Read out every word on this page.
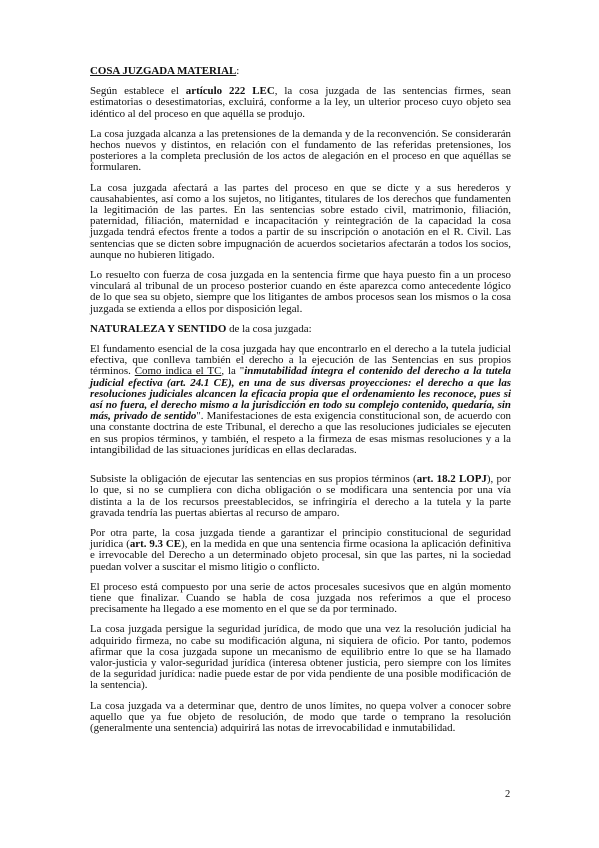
COSA JUZGADA MATERIAL:

Según establece el artículo 222 LEC, la cosa juzgada de las sentencias firmes, sean estimatorias o desestimatorias, excluirá, conforme a la ley, un ulterior proceso cuyo objeto sea idéntico al del proceso en que aquélla se produjo.

La cosa juzgada alcanza a las pretensiones de la demanda y de la reconvención. Se considerarán hechos nuevos y distintos, en relación con el fundamento de las referidas pretensiones, los posteriores a la completa preclusión de los actos de alegación en el proceso en que aquéllas se formularen.

La cosa juzgada afectará a las partes del proceso en que se dicte y a sus herederos y causahabientes, así como a los sujetos, no litigantes, titulares de los derechos que fundamenten la legitimación de las partes. En las sentencias sobre estado civil, matrimonio, filiación, paternidad, filiación, maternidad e incapacitación y reintegración de la capacidad la cosa juzgada tendrá efectos frente a todos a partir de su inscripción o anotación en el R. Civil. Las sentencias que se dicten sobre impugnación de acuerdos societarios afectarán a todos los socios, aunque no hubieren litigado.

Lo resuelto con fuerza de cosa juzgada en la sentencia firme que haya puesto fin a un proceso vinculará al tribunal de un proceso posterior cuando en éste aparezca como antecedente lógico de lo que sea su objeto, siempre que los litigantes de ambos procesos sean los mismos o la cosa juzgada se extienda a ellos por disposición legal.

NATURALEZA Y SENTIDO de la cosa juzgada:

El fundamento esencial de la cosa juzgada hay que encontrarlo en el derecho a la tutela judicial efectiva, que conlleva también el derecho a la ejecución de las Sentencias en sus propios términos. Como indica el TC, la "inmutabilidad íntegra el contenido del derecho a la tutela judicial efectiva (art. 24.1 CE), en una de sus diversas proyecciones: el derecho a que las resoluciones judiciales alcancen la eficacia propia que el ordenamiento les reconoce, pues si así no fuera, el derecho mismo a la jurisdicción en todo su complejo contenido, quedaría, sin más, privado de sentido". Manifestaciones de esta exigencia constitucional son, de acuerdo con una constante doctrina de este Tribunal, el derecho a que las resoluciones judiciales se ejecuten en sus propios términos, y también, el respeto a la firmeza de esas mismas resoluciones y a la intangibilidad de las situaciones jurídicas en ellas declaradas.

Subsiste la obligación de ejecutar las sentencias en sus propios términos (art. 18.2 LOPJ), por lo que, si no se cumpliera con dicha obligación o se modificara una sentencia por una vía distinta a la de los recursos preestablecidos, se infringiría el derecho a la tutela y la parte gravada tendría las puertas abiertas al recurso de amparo.

Por otra parte, la cosa juzgada tiende a garantizar el principio constitucional de seguridad jurídica (art. 9.3 CE), en la medida en que una sentencia firme ocasiona la aplicación definitiva e irrevocable del Derecho a un determinado objeto procesal, sin que las partes, ni la sociedad puedan volver a suscitar el mismo litigio o conflicto.

El proceso está compuesto por una serie de actos procesales sucesivos que en algún momento tiene que finalizar. Cuando se habla de cosa juzgada nos referimos a que el proceso precisamente ha llegado a ese momento en el que se da por terminado.

La cosa juzgada persigue la seguridad jurídica, de modo que una vez la resolución judicial ha adquirido firmeza, no cabe su modificación alguna, ni siquiera de oficio. Por tanto, podemos afirmar que la cosa juzgada supone un mecanismo de equilibrio entre lo que se ha llamado valor-justicia y valor-seguridad jurídica (interesa obtener justicia, pero siempre con los límites de la seguridad jurídica: nadie puede estar de por vida pendiente de una posible modificación de la sentencia).

La cosa juzgada va a determinar que, dentro de unos límites, no quepa volver a conocer sobre aquello que ya fue objeto de resolución, de modo que tarde o temprano la resolución (generalmente una sentencia) adquirirá las notas de irrevocabilidad e inmutabilidad.

2
